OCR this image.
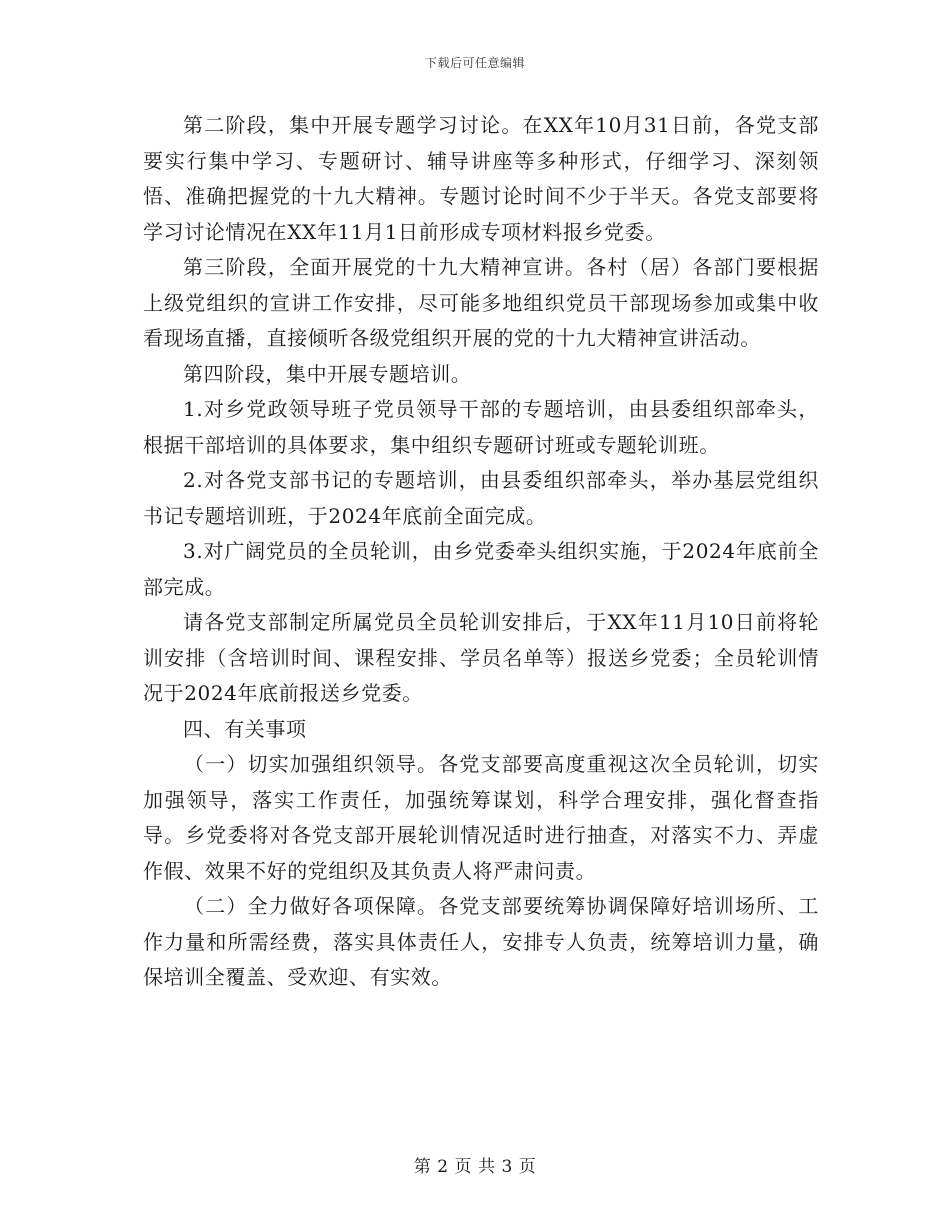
下载后可任意编辑

第二阶段，集中开展专题学习讨论。在XX年10月31日前，各党支部要实行集中学习、专题研讨、辅导讲座等多种形式，仔细学习、深刻领悟、准确把握党的十九大精神。专题讨论时间不少于半天。各党支部要将学习讨论情况在XX年11月1日前形成专项材料报乡党委。

第三阶段，全面开展党的十九大精神宣讲。各村（居）各部门要根据上级党组织的宣讲工作安排，尽可能多地组织党员干部现场参加或集中收看现场直播，直接倾听各级党组织开展的党的十九大精神宣讲活动。

第四阶段，集中开展专题培训。

1.对乡党政领导班子党员领导干部的专题培训，由县委组织部牵头，根据干部培训的具体要求，集中组织专题研讨班或专题轮训班。

2.对各党支部书记的专题培训，由县委组织部牵头，举办基层党组织书记专题培训班，于2024年底前全面完成。

3.对广阔党员的全员轮训，由乡党委牵头组织实施，于2024年底前全部完成。

请各党支部制定所属党员全员轮训安排后，于XX年11月10日前将轮训安排（含培训时间、课程安排、学员名单等）报送乡党委；全员轮训情况于2024年底前报送乡党委。

四、有关事项

（一）切实加强组织领导。各党支部要高度重视这次全员轮训，切实加强领导，落实工作责任，加强统筹谋划，科学合理安排，强化督查指导。乡党委将对各党支部开展轮训情况适时进行抽查，对落实不力、弄虚作假、效果不好的党组织及其负责人将严肃问责。

（二）全力做好各项保障。各党支部要统筹协调保障好培训场所、工作力量和所需经费，落实具体责任人，安排专人负责，统筹培训力量，确保培训全覆盖、受欢迎、有实效。

第 2 页 共 3 页
